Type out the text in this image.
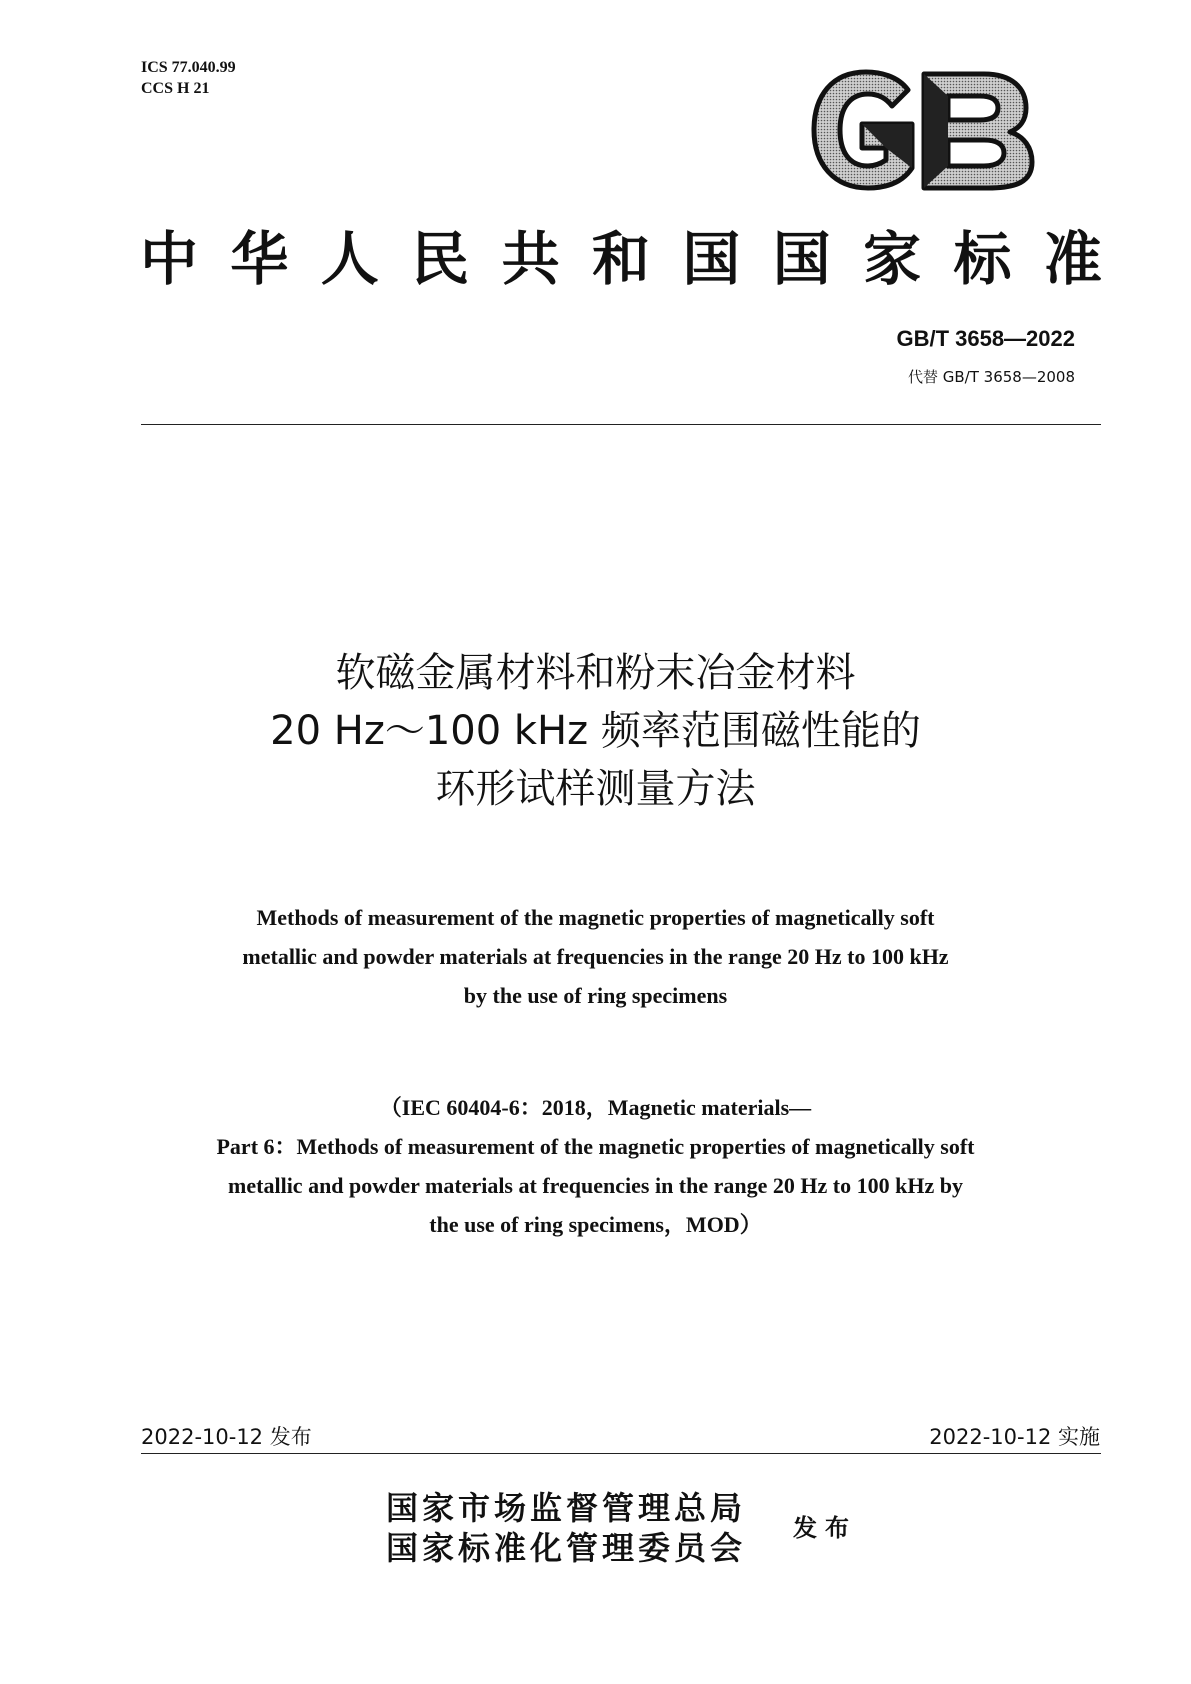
ICS 77.040.99
CCS H 21
GB
中 华 人 民 共 和 国 国 家 标 准
GB/T 3658—2022
代替 GB/T 3658—2008
软磁金属材料和粉末冶金材料
20 Hz～100 kHz 频率范围磁性能的
环形试样测量方法
Methods of measurement of the magnetic properties of magnetically soft
metallic and powder materials at frequencies in the range 20 Hz to 100 kHz
by the use of ring specimens
（IEC 60404-6：2018，Magnetic materials—
Part 6：Methods of measurement of the magnetic properties of magnetically soft
metallic and powder materials at frequencies in the range 20 Hz to 100 kHz by
the use of ring specimens，MOD）
2022-10-12 发布	2022-10-12 实施
国家市场监督管理总局
国家标准化管理委员会
发布
